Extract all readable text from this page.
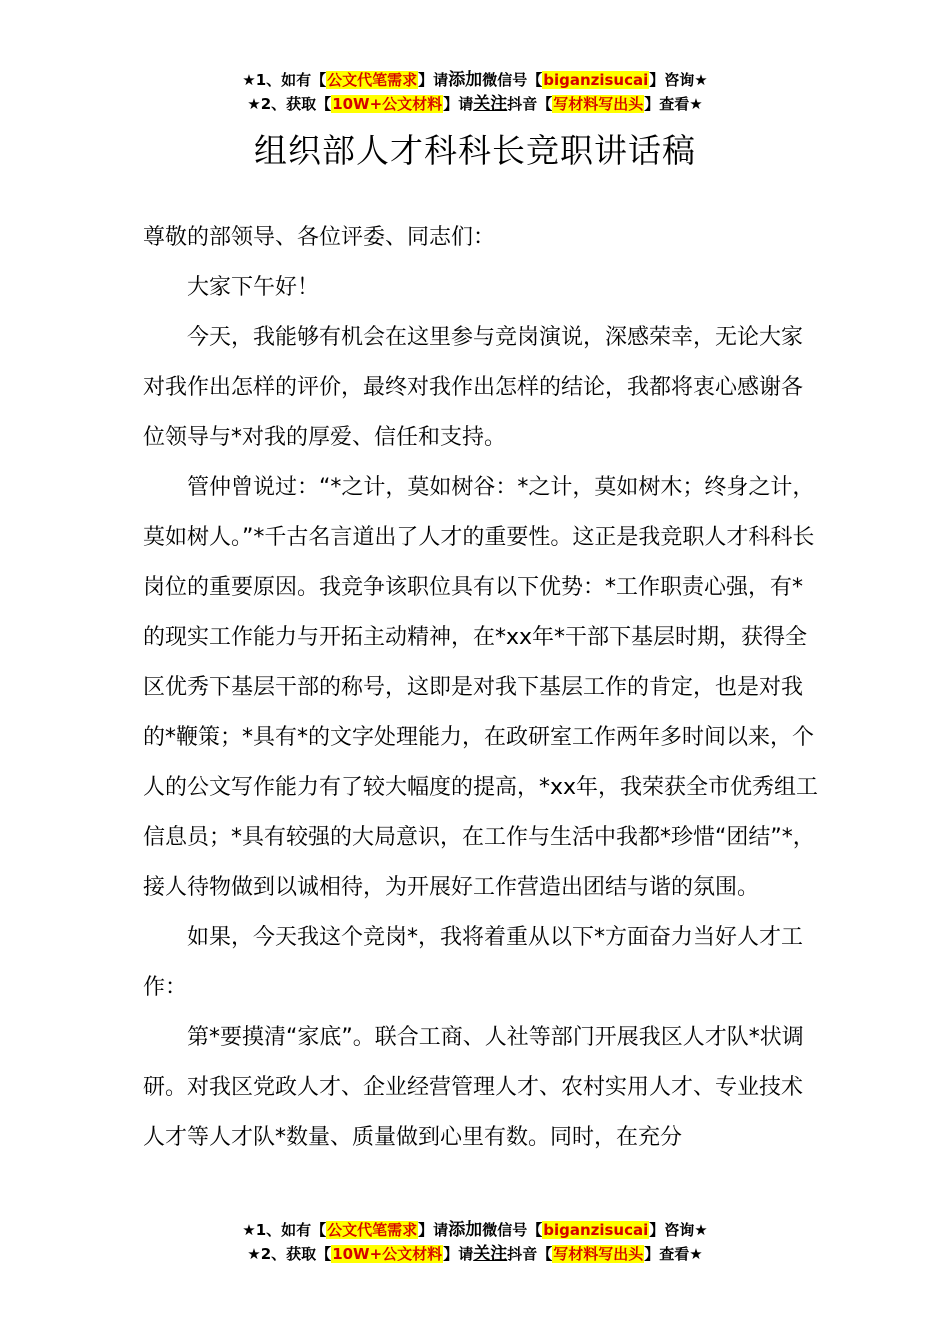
★1、如有【公文代笔需求】请添加微信号【biganzisucai】咨询★
★2、获取【10W+公文材料】请关注抖音【写材料写出头】查看★
组织部人才科科长竞职讲话稿

尊敬的部领导、各位评委、同志们：

大家下午好！

今天，我能够有机会在这里参与竞岗演说，深感荣幸，无论大家对我作出怎样的评价，最终对我作出怎样的结论，我都将衷心感谢各位领导与*对我的厚爱、信任和支持。

管仲曾说过：“*之计，莫如树谷：*之计，莫如树木；终身之计，莫如树人。”*千古名言道出了人才的重要性。这正是我竞职人才科科长岗位的重要原因。我竞争该职位具有以下优势：*工作职责心强，有*的现实工作能力与开拓主动精神，在*xx年*干部下基层时期，获得全区优秀下基层干部的称号，这即是对我下基层工作的肯定，也是对我的*鞭策；*具有*的文字处理能力，在政研室工作两年多时间以来，个人的公文写作能力有了较大幅度的提高，*xx年，我荣获全市优秀组工信息员；*具有较强的大局意识，在工作与生活中我都*珍惜“团结”*，接人待物做到以诚相待，为开展好工作营造出团结与谐的氛围。

如果，今天我这个竞岗*，我将着重从以下*方面奋力当好人才工作：

第*要摸清“家底”。联合工商、人社等部门开展我区人才队*状调研。对我区党政人才、企业经营管理人才、农村实用人才、专业技术人才等人才队*数量、质量做到心里有数。同时，在充分

★1、如有【公文代笔需求】请添加微信号【biganzisucai】咨询★
★2、获取【10W+公文材料】请关注抖音【写材料写出头】查看★
